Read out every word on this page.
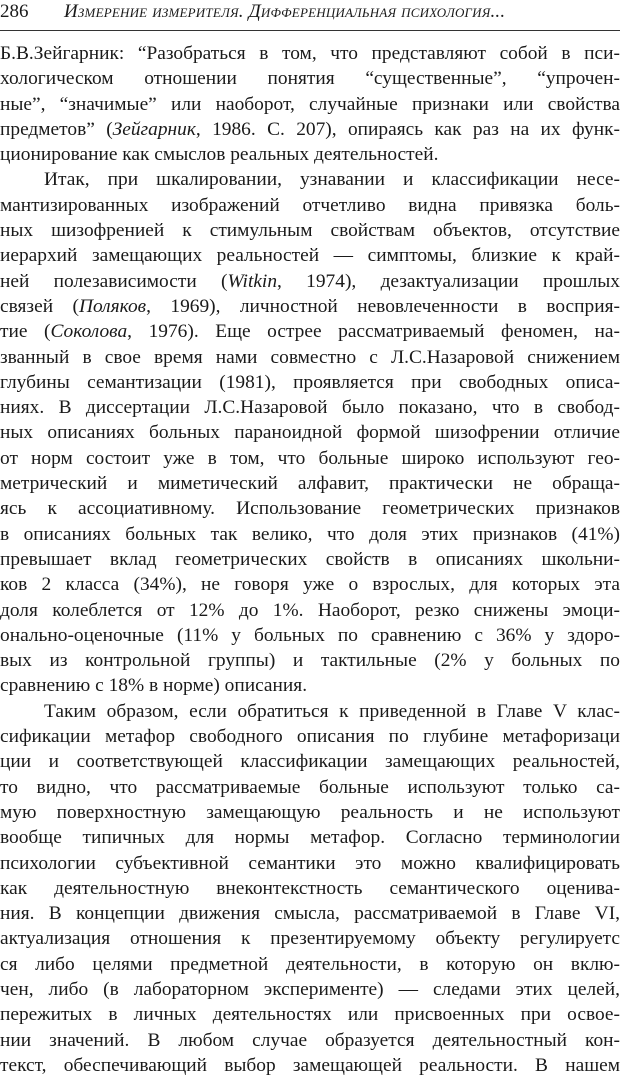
286 Измерение измерителя. Дифференциальная психология...
Б.В.Зейгарник: “Разобраться в том, что представляют собой в пси-
хологическом отношении понятия “существенные”, “упрочен-
ные”, “значимые” или наоборот, случайные признаки или свойства
предметов” (Зейгарник, 1986. С. 207), опираясь как раз на их функ-
ционирование как смыслов реальных деятельностей.
Итак, при шкалировании, узнавании и классификации несе-
мантизированных изображений отчетливо видна привязка боль-
ных шизофренией к стимульным свойствам объектов, отсутствие
иерархий замещающих реальностей — симптомы, близкие к край-
ней полезависимости (Witkin, 1974), дезактуализации прошлых
связей (Поляков, 1969), личностной невовлеченности в восприя-
тие (Соколова, 1976). Еще острее рассматриваемый феномен, на-
званный в свое время нами совместно с Л.С.Назаровой снижением
глубины семантизации (1981), проявляется при свободных описа-
ниях. В диссертации Л.С.Назаровой было показано, что в свобод-
ных описаниях больных параноидной формой шизофрении отличие
от норм состоит уже в том, что больные широко используют гео-
метрический и миметический алфавит, практически не обраща-
ясь к ассоциативному. Использование геометрических признаков
в описаниях больных так велико, что доля этих признаков (41%)
превышает вклад геометрических свойств в описаниях школьни-
ков 2 класса (34%), не говоря уже о взрослых, для которых эта
доля колеблется от 12% до 1%. Наоборот, резко снижены эмоци-
онально-оценочные (11% у больных по сравнению с 36% у здоро-
вых из контрольной группы) и тактильные (2% у больных по
сравнению с 18% в норме) описания.
Таким образом, если обратиться к приведенной в Главе V клас-
сификации метафор свободного описания по глубине метафоризаци
ции и соответствующей классификации замещающих реальностей,
то видно, что рассматриваемые больные используют только са-
мую поверхностную замещающую реальность и не используют
вообще типичных для нормы метафор. Согласно терминологии
психологии субъективной семантики это можно квалифицировать
как деятельностную внеконтекстность семантического оценива-
ния. В концепции движения смысла, рассматриваемой в Главе VI,
актуализация отношения к презентируемому объекту регулируетс
ся либо целями предметной деятельности, в которую он вклю-
чен, либо (в лабораторном эксперименте) — следами этих целей,
пережитых в личных деятельностях или присвоенных при освое-
нии значений. В любом случае образуется деятельностный кон-
текст, обеспечивающий выбор замещающей реальности. В нашем
